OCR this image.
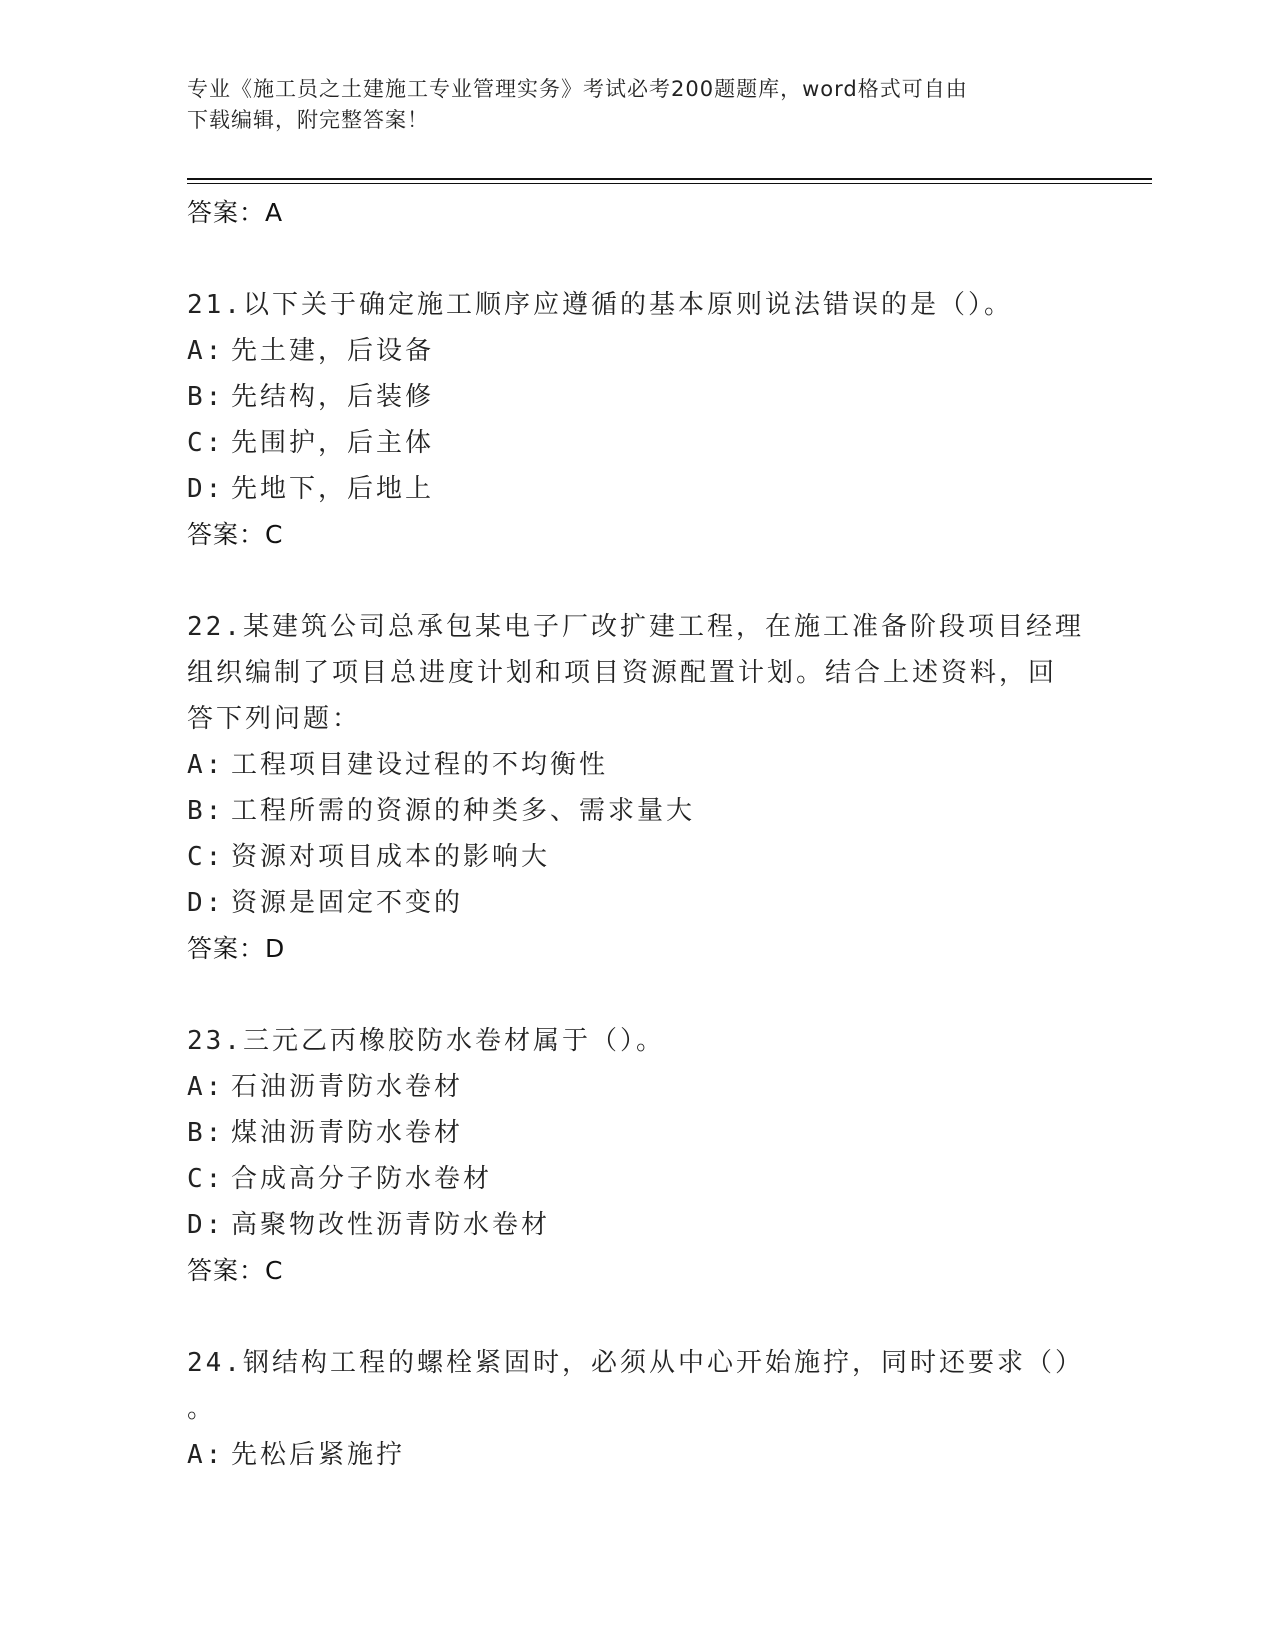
专业《施工员之土建施工专业管理实务》考试必考200题题库，word格式可自由
下载编辑，附完整答案！
答案：A
21.以下关于确定施工顺序应遵循的基本原则说法错误的是（）。
A: 先土建，后设备
B: 先结构，后装修
C: 先围护，后主体
D: 先地下，后地上
答案：C
22.某建筑公司总承包某电子厂改扩建工程，在施工准备阶段项目经理
组织编制了项目总进度计划和项目资源配置计划。结合上述资料，回
答下列问题：
A: 工程项目建设过程的不均衡性
B: 工程所需的资源的种类多、需求量大
C: 资源对项目成本的影响大
D: 资源是固定不变的
答案：D
23.三元乙丙橡胶防水卷材属于（）。
A: 石油沥青防水卷材
B: 煤油沥青防水卷材
C: 合成高分子防水卷材
D: 高聚物改性沥青防水卷材
答案：C
24.钢结构工程的螺栓紧固时，必须从中心开始施拧，同时还要求（）
。
A: 先松后紧施拧
